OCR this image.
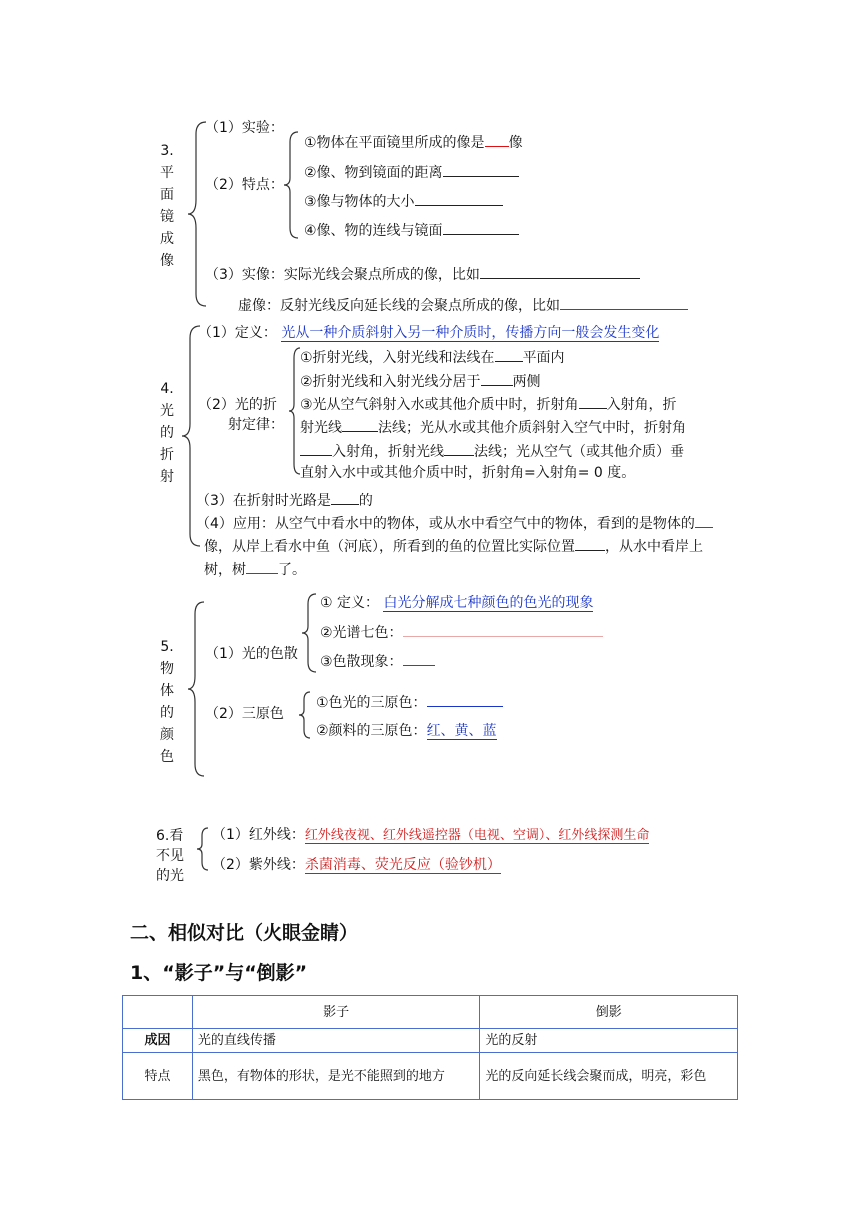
3.平面镜成像
（1）实验：
（2）特点：
①物体在平面镜里所成的像是 像
②像、物到镜面的距离
③像与物体的大小
④像、物的连线与镜面
（3）实像：实际光线会聚点所成的像，比如
虚像：反射光线反向延长线的会聚点所成的像，比如
4.光的折射
（1）定义： 光从一种介质斜射入另一种介质时，传播方向一般会发生变化
（2）光的折
射定律：
①折射光线，入射光线和法线在 平面内
②折射光线和入射光线分居于 两侧
③光从空气斜射入水或其他介质中时，折射角 入射角，折
射光线	法线；光从水或其他介质斜射入空气中时，折射角
入射角，折射光线 法线；光从空气（或其他介质）垂
直射入水中或其他介质中时，折射角=入射角= 0 度。
（3）在折射时光路是 的
（4）应用：从空气中看水中的物体，或从水中看空气中的物体，看到的是物体的
像，从岸上看水中鱼（河底），所看到的鱼的位置比实际位置 ，从水中看岸上
树，树 了。
5.物体的颜色
（1）光的色散
① 定义： 白光分解成七种颜色的色光的现象
②光谱七色：
③色散现象：
（2）三原色
①色光的三原色：
②颜料的三原色：红、黄、蓝
6.看不见的光
（1）红外线：红外线夜视、红外线遥控器（电视、空调）、红外线探测生命
（2）紫外线：杀菌消毒、荧光反应（验钞机）
二、相似对比（火眼金睛）
1、“影子”与“倒影”
	影子	倒影
成因	光的直线传播	光的反射
特点	黑色，有物体的形状，是光不能照到的地方	光的反向延长线会聚而成，明亮，彩色
